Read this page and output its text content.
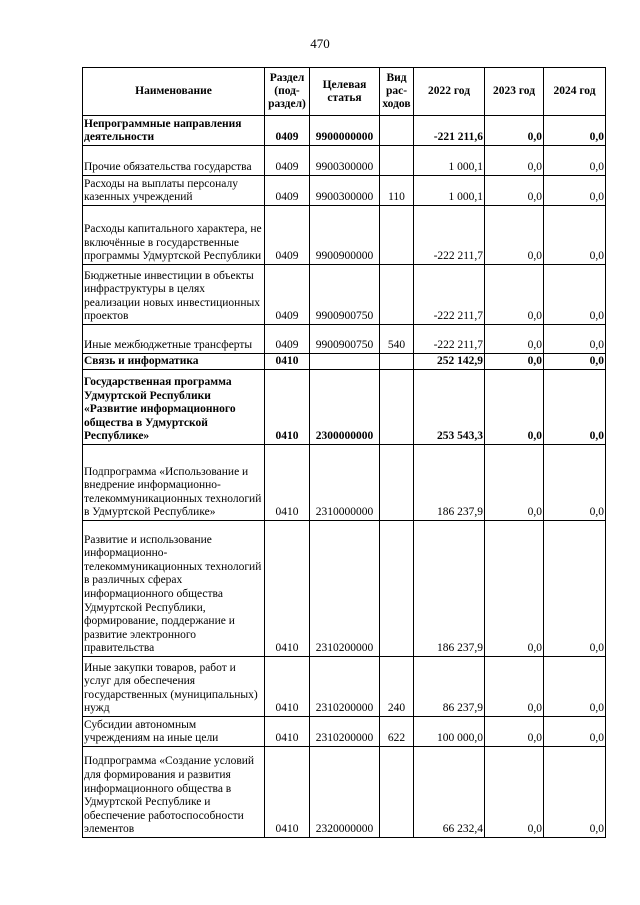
470
Наименование	Раздел (под- раздел)	Целевая статья	Вид рас- ходов	2022 год	2023 год	2024 год
Непрограммные направления деятельности	0409	9900000000		-221 211,6	0,0	0,0
Прочие обязательства государства	0409	9900300000		1 000,1	0,0	0,0
Расходы на выплаты персоналу казенных учреждений	0409	9900300000	110	1 000,1	0,0	0,0
Расходы капитального характера, не включённые в государственные программы Удмуртской Республики	0409	9900900000		-222 211,7	0,0	0,0
Бюджетные инвестиции в объекты инфраструктуры в целях реализации новых инвестиционных проектов	0409	9900900750		-222 211,7	0,0	0,0
Иные межбюджетные трансферты	0409	9900900750	540	-222 211,7	0,0	0,0
Связь и информатика	0410			252 142,9	0,0	0,0
Государственная программа Удмуртской Республики «Развитие информационного общества в Удмуртской Республике»	0410	2300000000		253 543,3	0,0	0,0
Подпрограмма «Использование и внедрение информационно-телекоммуникационных технологий в Удмуртской Республике»	0410	2310000000		186 237,9	0,0	0,0
Развитие и использование информационно-телекоммуникационных технологий в различных сферах информационного общества Удмуртской Республики, формирование, поддержание и развитие электронного правительства	0410	2310200000		186 237,9	0,0	0,0
Иные закупки товаров, работ и услуг для обеспечения государственных (муниципальных) нужд	0410	2310200000	240	86 237,9	0,0	0,0
Субсидии автономным учреждениям на иные цели	0410	2310200000	622	100 000,0	0,0	0,0
Подпрограмма «Создание условий для формирования и развития информационного общества в Удмуртской Республике и обеспечение работоспособности элементов	0410	2320000000		66 232,4	0,0	0,0
